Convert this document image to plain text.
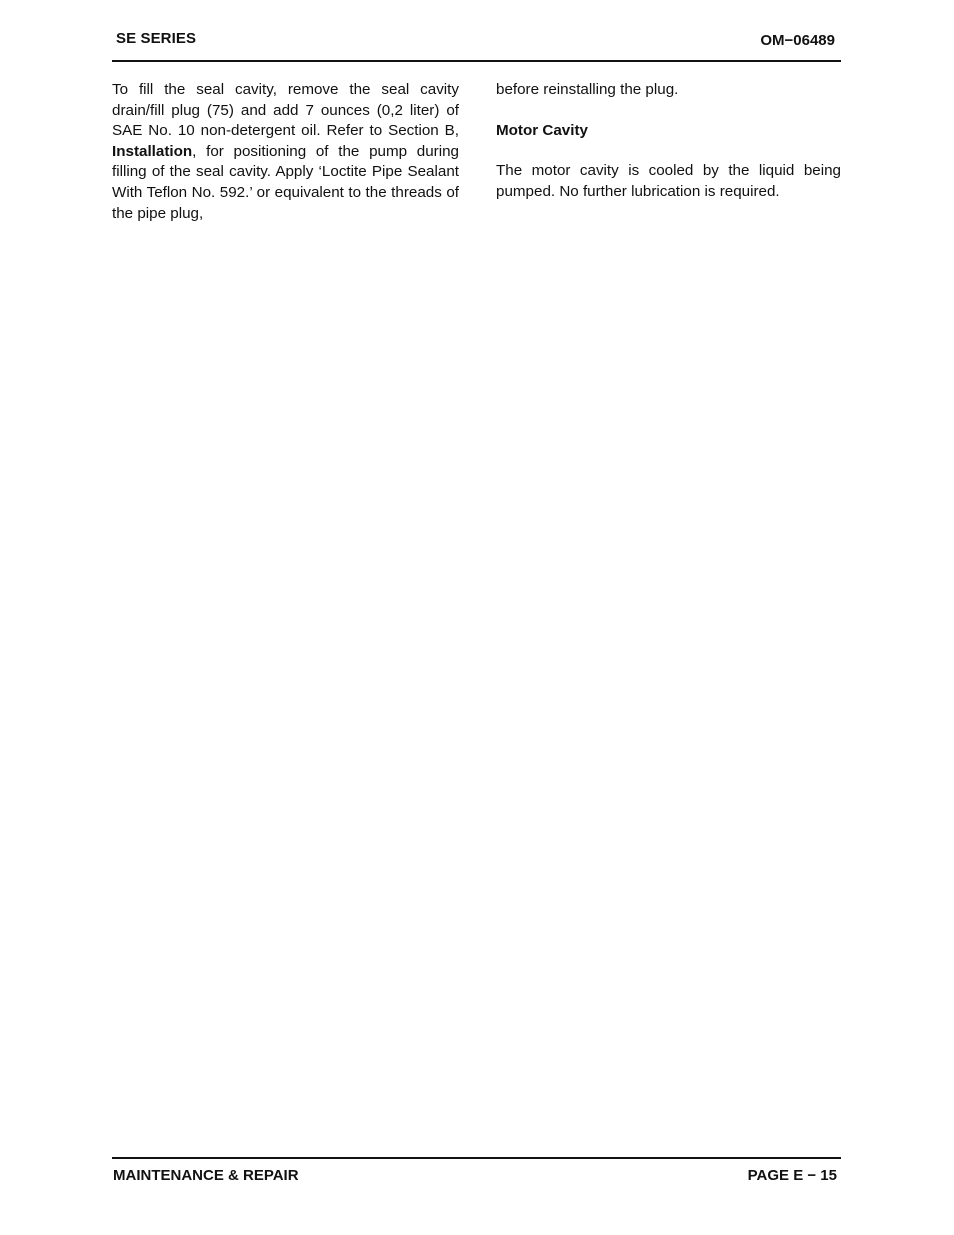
SE SERIES	OM−06489

To fill the seal cavity, remove the seal cavity drain/fill plug (75) and add 7 ounces (0,2 liter) of SAE No. 10 non-detergent oil. Refer to Section B, Installation, for positioning of the pump during filling of the seal cavity. Apply ‘Loctite Pipe Sealant With Teflon No. 592.’ or equivalent to the threads of the pipe plug,

before reinstalling the plug.

Motor Cavity

The motor cavity is cooled by the liquid being pumped. No further lubrication is required.

MAINTENANCE & REPAIR	PAGE E − 15
